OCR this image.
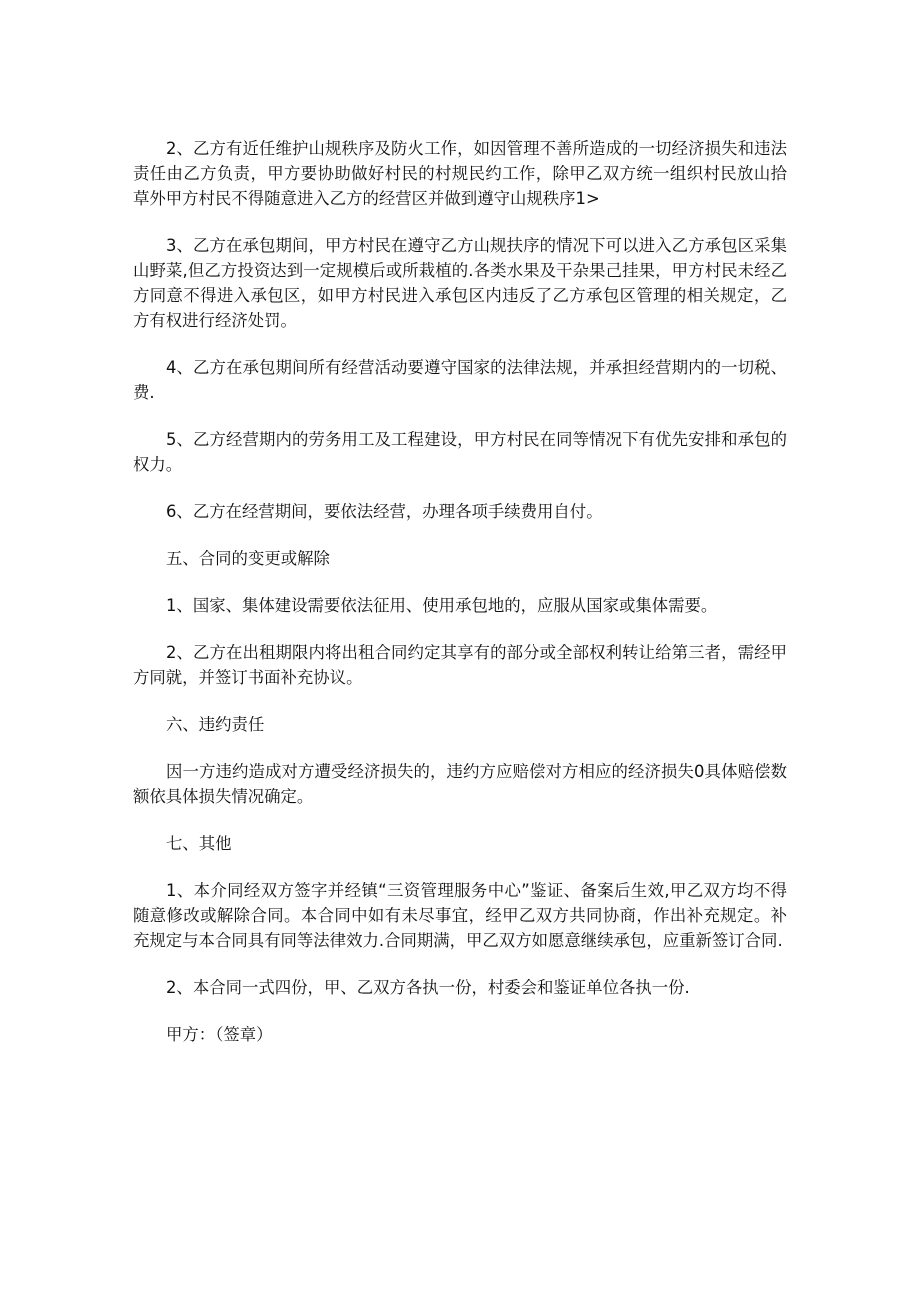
2、乙方有近任维护山规秩序及防火工作，如因管理不善所造成的一切经济损失和违法责任由乙方负责，甲方要协助做好村民的村规民约工作，除甲乙双方统一组织村民放山拾草外甲方村民不得随意进入乙方的经营区并做到遵守山规秩序1>

3、乙方在承包期间，甲方村民在遵守乙方山规扶序的情况下可以进入乙方承包区采集山野菜,但乙方投资达到一定规模后或所栽植的.各类水果及干杂果己挂果，甲方村民未经乙方同意不得进入承包区，如甲方村民进入承包区内违反了乙方承包区管理的相关规定，乙方有权进行经济处罚。

4、乙方在承包期间所有经营活动要遵守国家的法律法规，并承担经营期内的一切税、费.

5、乙方经营期内的劳务用工及工程建设，甲方村民在同等情况下有优先安排和承包的权力。

6、乙方在经营期间，要依法经营，办理各项手续费用自付。

五、合同的变更或解除

1、国家、集体建设需要依法征用、使用承包地的，应服从国家或集体需要。

2、乙方在出租期限内将出租合同约定其享有的部分或全部权利转让给第三者，需经甲方同就，并签订书面补充协议。

六、违约责任

因一方违约造成对方遭受经济损失的，违约方应赔偿对方相应的经济损失0具体赔偿数额依具体损失情况确定。

七、其他

1、本介同经双方签字并经镇“三资管理服务中心”鉴证、备案后生效,甲乙双方均不得随意修改或解除合同。本合同中如有未尽事宜，经甲乙双方共同协商，作出补充规定。补充规定与本合同具有同等法律效力.合同期满，甲乙双方如愿意继续承包，应重新签订合同.

2、本合同一式四份，甲、乙双方各执一份，村委会和鉴证单位各执一份.

甲方：（签章）
